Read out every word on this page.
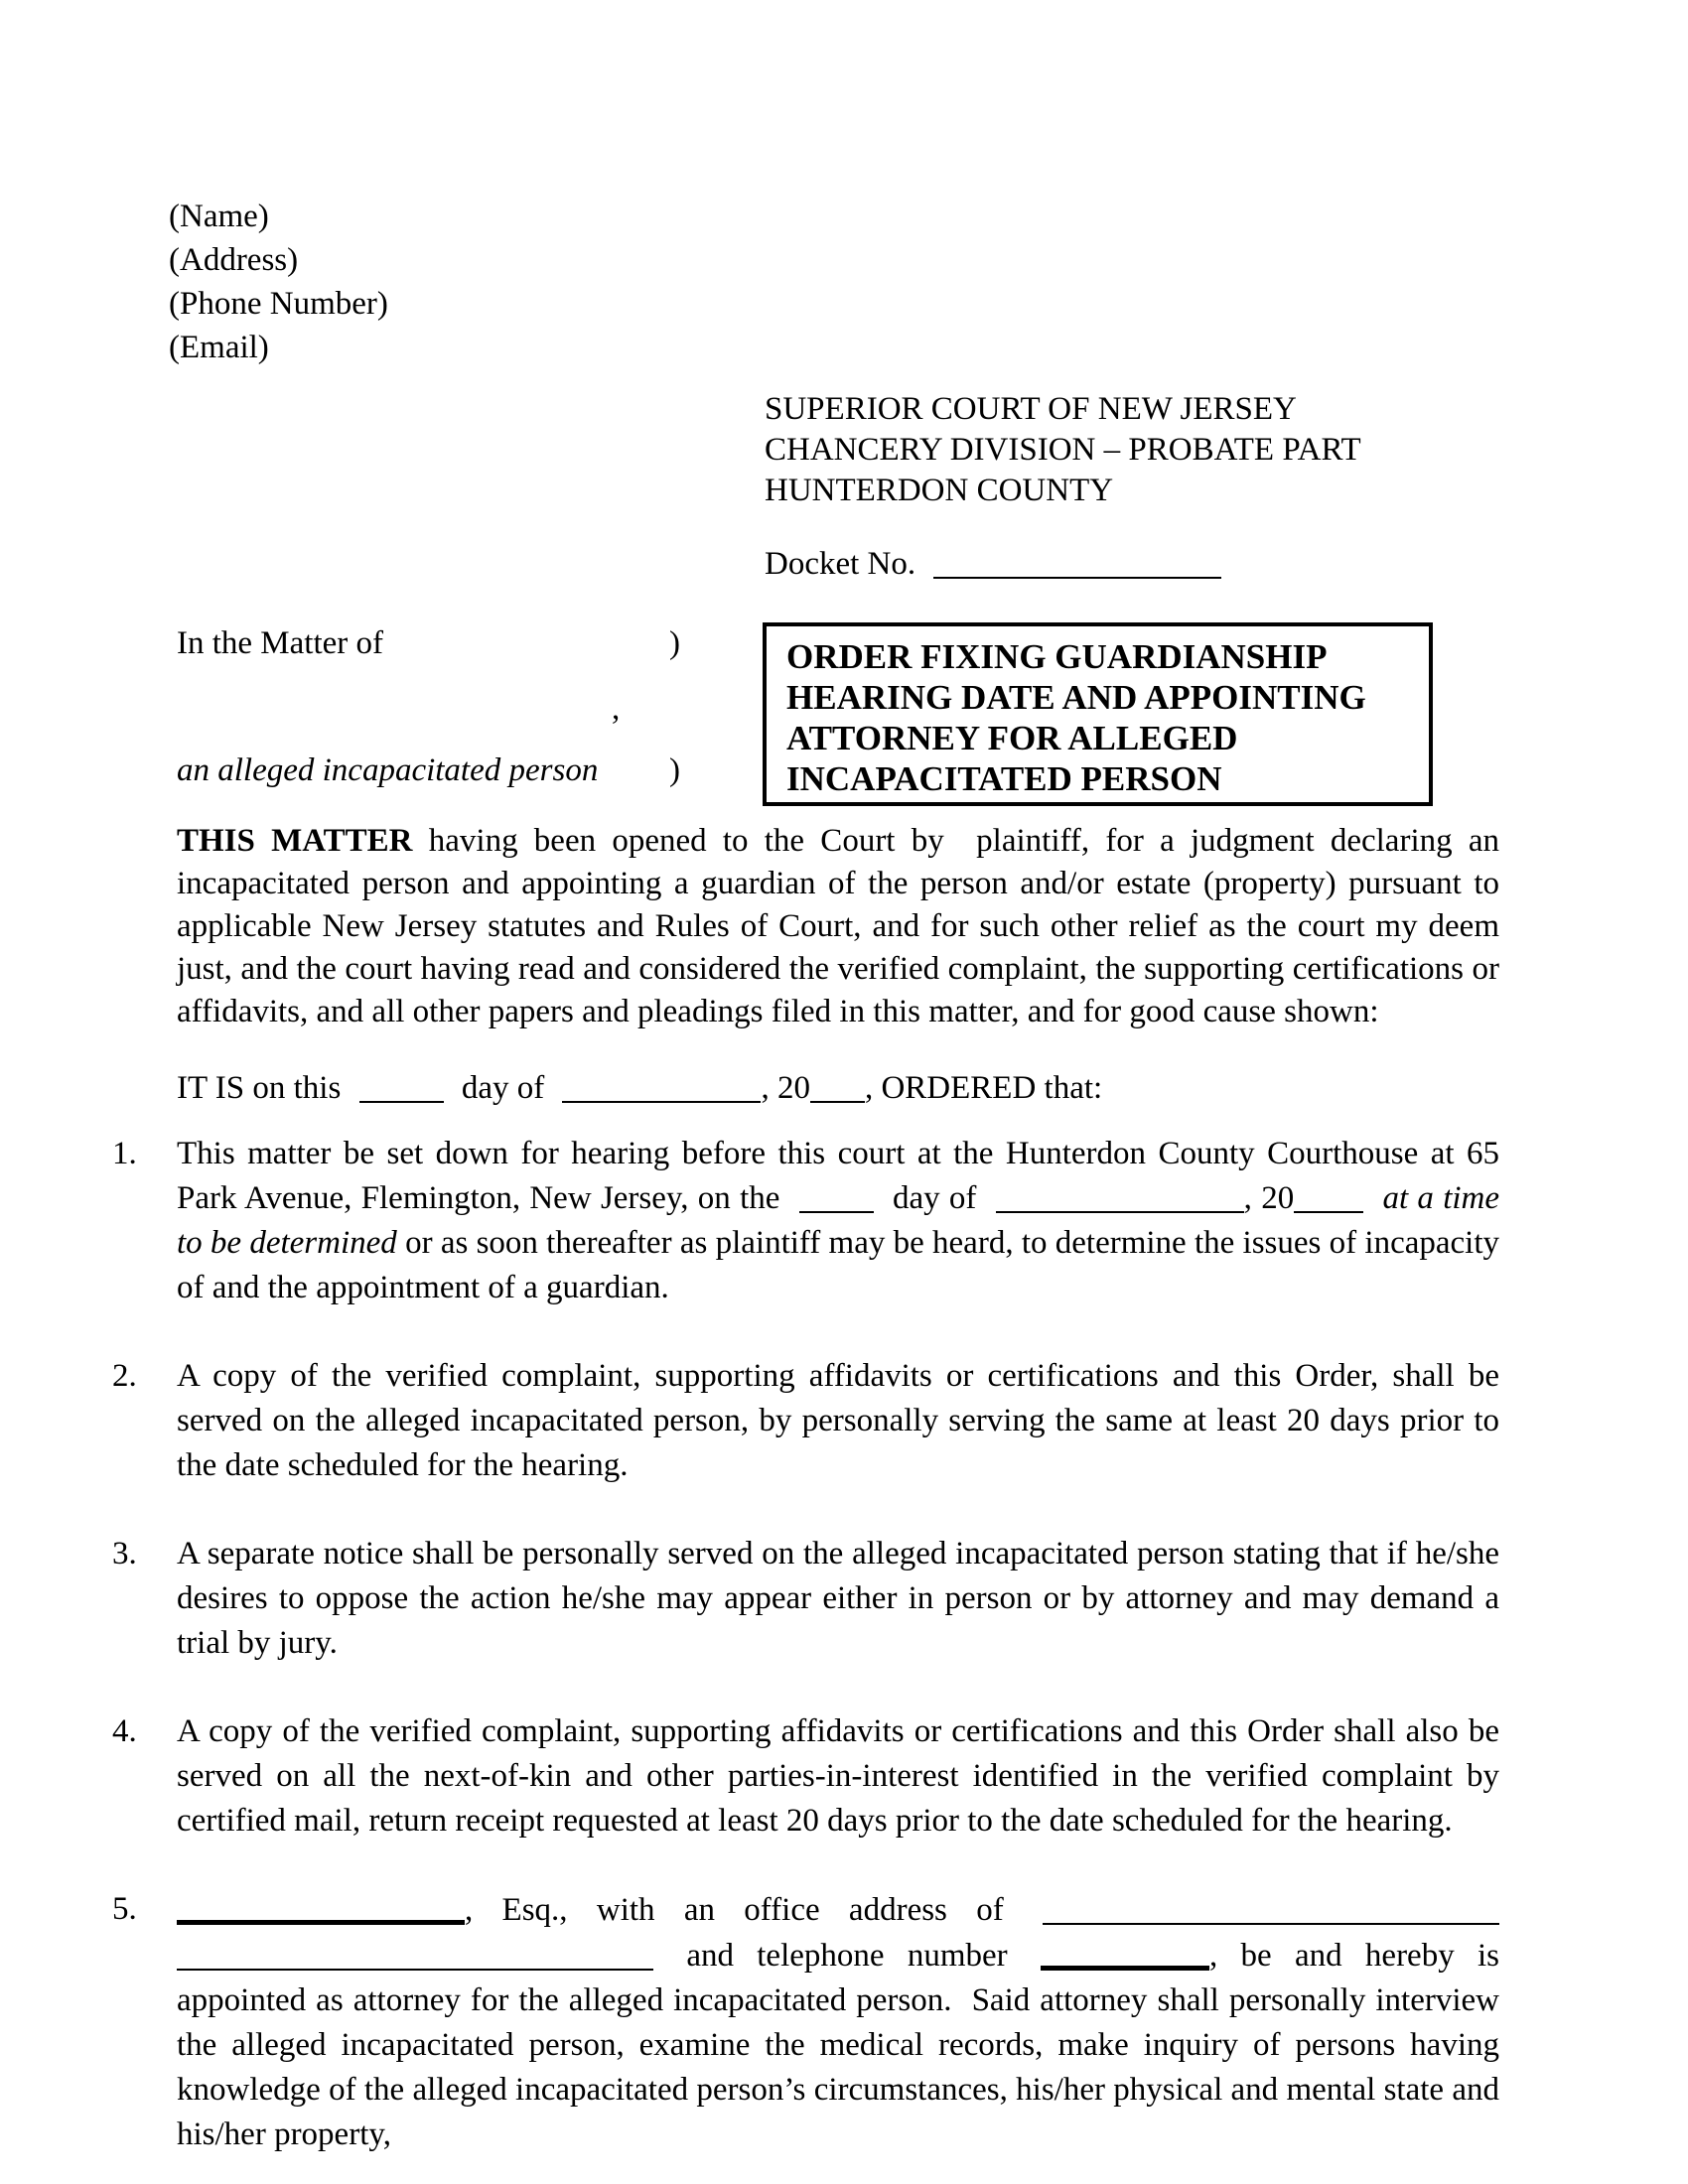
(Name)
(Address)
(Phone Number)
(Email)
SUPERIOR COURT OF NEW JERSEY
CHANCERY DIVISION – PROBATE PART
HUNTERDON COUNTY
Docket No.
In the Matter of	)
,
an alleged incapacitated person )
ORDER FIXING GUARDIANSHIP
HEARING DATE AND APPOINTING
ATTORNEY FOR ALLEGED
INCAPACITATED PERSON
THIS MATTER having been opened to the Court by  plaintiff, for a judgment declaring an incapacitated person and appointing a guardian of the person and/or estate (property) pursuant to applicable New Jersey statutes and Rules of Court, and for such other relief as the court my deem just, and the court having read and considered the verified complaint, the supporting certifications or affidavits, and all other papers and pleadings filed in this matter, and for good cause shown:
IT IS on this	day of	, 20 , ORDERED that:
1. This matter be set down for hearing before this court at the Hunterdon County Courthouse at 65 Park Avenue, Flemington, New Jersey, on the	day of	, 20	at a time to be determined or as soon thereafter as plaintiff may be heard, to determine the issues of incapacity of and the appointment of a guardian.
2. A copy of the verified complaint, supporting affidavits or certifications and this Order, shall be served on the alleged incapacitated person, by personally serving the same at least 20 days prior to the date scheduled for the hearing.
3. A separate notice shall be personally served on the alleged incapacitated person stating that if he/she desires to oppose the action he/she may appear either in person or by attorney and may demand a trial by jury.
4. A copy of the verified complaint, supporting affidavits or certifications and this Order shall also be served on all the next-of-kin and other parties-in-interest identified in the verified complaint by certified mail, return receipt requested at least 20 days prior to the date scheduled for the hearing.
5.	, Esq., with an office address of   and telephone number	, be and hereby is appointed as attorney for the alleged incapacitated person.  Said attorney shall personally interview the alleged incapacitated person, examine the medical records, make inquiry of persons having knowledge of the alleged incapacitated person’s circumstances, his/her physical and mental state and his/her property,
